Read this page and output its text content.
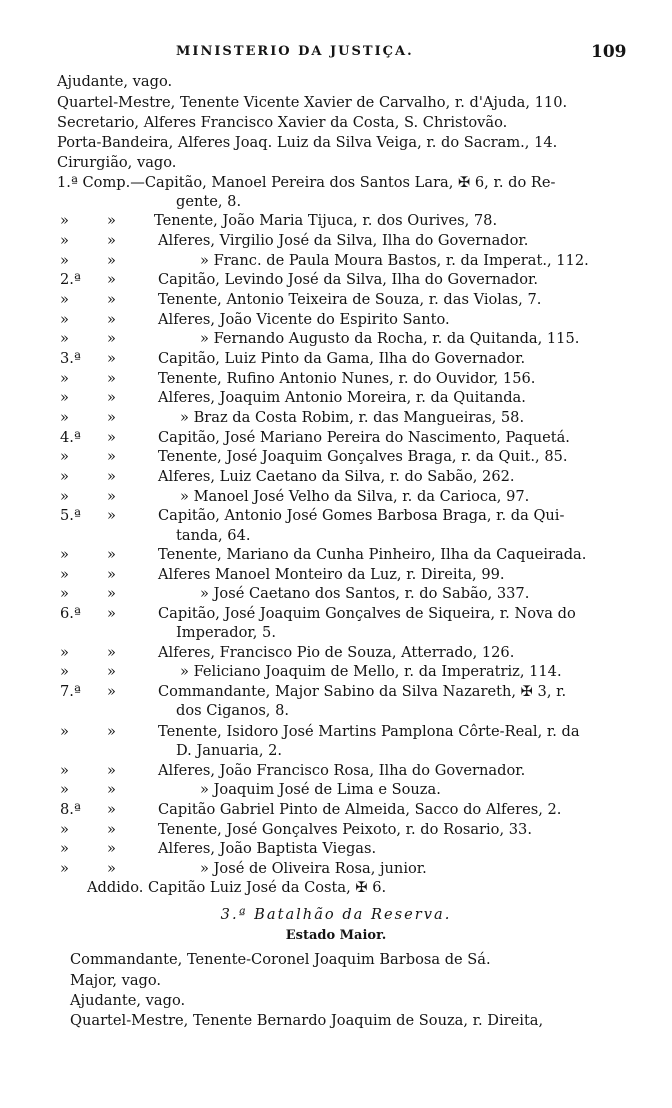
MINISTERIO DA JUSTIÇA.	109
Ajudante, vago.
Quartel-Mestre, Tenente Vicente Xavier de Carvalho, r. d'Ajuda, 110.
Secretario, Alferes Francisco Xavier da Costa, S. Christovão.
Porta-Bandeira, Alferes Joaq. Luiz da Silva Veiga, r. do Sacram., 14.
Cirurgião, vago.
1.ª Comp.—Capitão, Manoel Pereira dos Santos Lara, ✠ 6, r. do Re-
gente, 8.
»	»	Tenente, João Maria Tijuca, r. dos Ourives, 78.
»	»	Alferes, Virgilio José da Silva, Ilha do Governador.
»	»	» Franc. de Paula Moura Bastos, r. da Imperat., 112.
2.ª »	Capitão, Levindo José da Silva, Ilha do Governador.
»	»	Tenente, Antonio Teixeira de Souza, r. das Violas, 7.
»	»	Alferes, João Vicente do Espirito Santo.
»	»	» Fernando Augusto da Rocha, r. da Quitanda, 115.
3.ª »	Capitão, Luiz Pinto da Gama, Ilha do Governador.
»	»	Tenente, Rufino Antonio Nunes, r. do Ouvidor, 156.
»	»	Alferes, Joaquim Antonio Moreira, r. da Quitanda.
»	»	» Braz da Costa Robim, r. das Mangueiras, 58.
4.ª »	Capitão, José Mariano Pereira do Nascimento, Paquetá.
»	»	Tenente, José Joaquim Gonçalves Braga, r. da Quit., 85.
»	»	Alferes, Luiz Caetano da Silva, r. do Sabão, 262.
»	»	» Manoel José Velho da Silva, r. da Carioca, 97.
5.ª »	Capitão, Antonio José Gomes Barbosa Braga, r. da Qui-
tanda, 64.
»	»	Tenente, Mariano da Cunha Pinheiro, Ilha da Caqueirada.
»	»	Alferes Manoel Monteiro da Luz, r. Direita, 99.
»	»	» José Caetano dos Santos, r. do Sabão, 337.
6.ª »	Capitão, José Joaquim Gonçalves de Siqueira, r. Nova do
Imperador, 5.
»	»	Alferes, Francisco Pio de Souza, Atterrado, 126.
»	»	» Feliciano Joaquim de Mello, r. da Imperatriz, 114.
7.ª »	Commandante, Major Sabino da Silva Nazareth, ✠ 3, r.
dos Ciganos, 8.
»	»	Tenente, Isidoro José Martins Pamplona Côrte-Real, r. da
D. Januaria, 2.
»	»	Alferes, João Francisco Rosa, Ilha do Governador.
»	»	» Joaquim José de Lima e Souza.
8.ª »	Capitão Gabriel Pinto de Almeida, Sacco do Alferes, 2.
»	»	Tenente, José Gonçalves Peixoto, r. do Rosario, 33.
»	»	Alferes, João Baptista Viegas.
»	»	» José de Oliveira Rosa, junior.
Addido. Capitão Luiz José da Costa, ✠ 6.
3.ª Batalhão da Reserva.
Estado Maior.
Commandante, Tenente-Coronel Joaquim Barbosa de Sá.
Major, vago.
Ajudante, vago.
Quartel-Mestre, Tenente Bernardo Joaquim de Souza, r. Direita,
